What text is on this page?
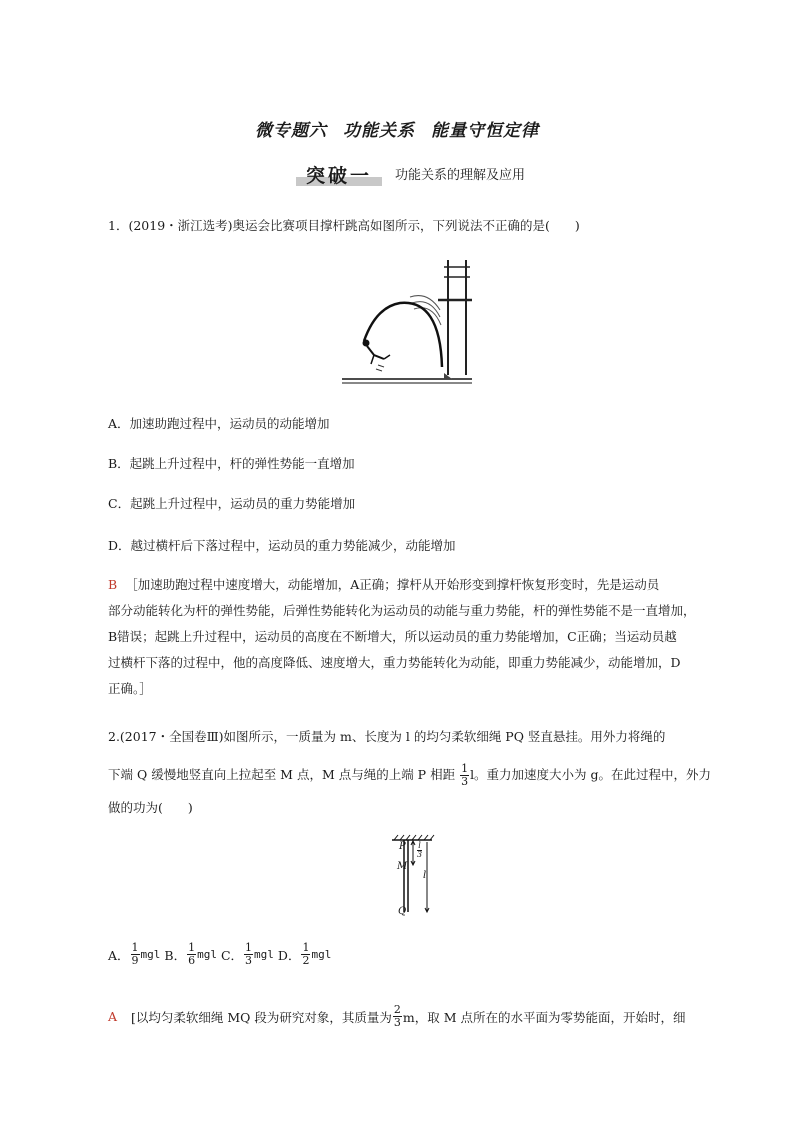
微专题六 功能关系 能量守恒定律
突破一	功能关系的理解及应用
1．(2019・浙江选考)奥运会比赛项目撑杆跳高如图所示，下列说法不正确的是(　　)
A．加速助跑过程中，运动员的动能增加
B．起跳上升过程中，杆的弹性势能一直增加
C．起跳上升过程中，运动员的重力势能增加
D．越过横杆后下落过程中，运动员的重力势能减少，动能增加
B ［加速助跑过程中速度增大，动能增加，A正确；撑杆从开始形变到撑杆恢复形变时，先是运动员
部分动能转化为杆的弹性势能，后弹性势能转化为运动员的动能与重力势能，杆的弹性势能不是一直增加，
B错误；起跳上升过程中，运动员的高度在不断增大，所以运动员的重力势能增加，C正确；当运动员越
过横杆下落的过程中，他的高度降低、速度增大，重力势能转化为动能，即重力势能减少，动能增加，D
正确。］
2.(2017・全国卷Ⅲ)如图所示，一质量为 m、长度为 l 的均匀柔软细绳 PQ 竖直悬挂。用外力将绳的
下端 Q 缓慢地竖直向上拉起至 M 点，M 点与绳的上端 P 相距 $\frac{1}{3}$ l。重力加速度大小为 g。在此过程中，外力
做的功为(　　)
P
M
Q
$\frac{l}{3}$
l
A． $\frac{1}{9}$ mgl B． $\frac{1}{6}$ mgl C． $\frac{1}{3}$ mgl D． $\frac{1}{2}$ mgl
A [以均匀柔软细绳 MQ 段为研究对象，其质量为 $\frac{2}{3}$ m，取 M 点所在的水平面为零势能面，开始时，细
